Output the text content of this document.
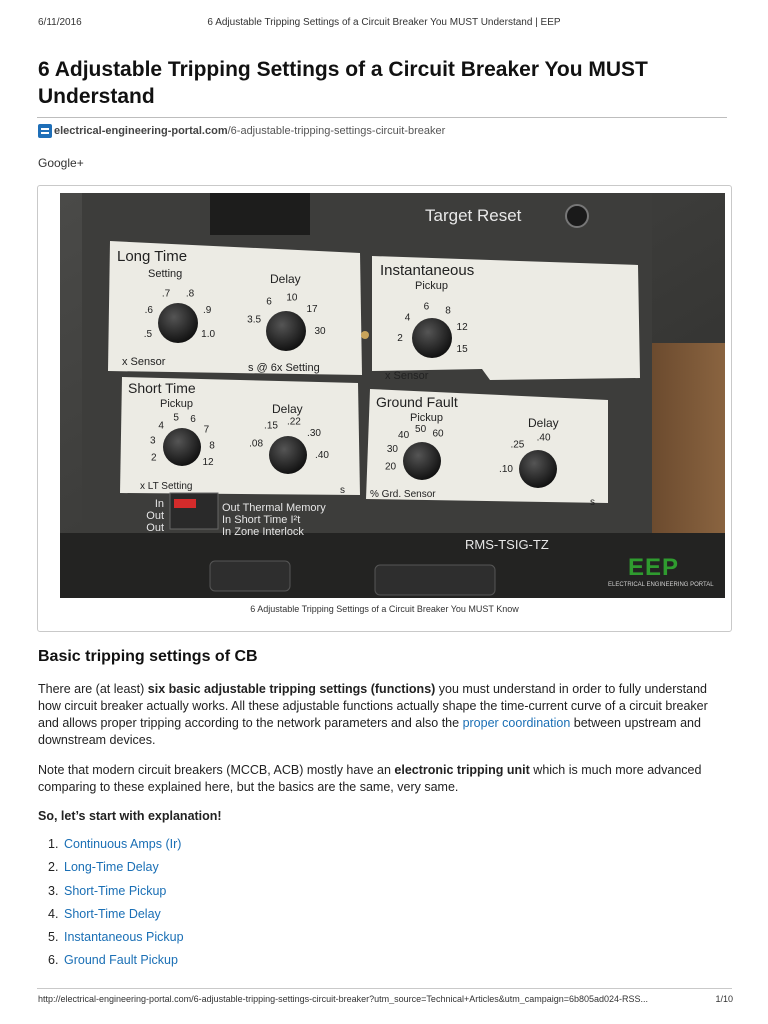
6/11/2016	6 Adjustable Tripping Settings of a Circuit Breaker You MUST Understand | EEP
6 Adjustable Tripping Settings of a Circuit Breaker You MUST Understand
electrical-engineering-portal.com /6-adjustable-tripping-settings-circuit-breaker
Google+
Target Reset
Long Time
Setting	Delay
.5
.6
.7 .8
.9
1.0
3.5
6 10
17
30
x Sensor	s @ 6x Setting
Instantaneous
Pickup
2
4
6 8
12
15
x Sensor
Short Time
Pickup	Delay
2
3
4
5 6
7
8
12
.08
.15 .22
.30
.40
x LT Setting	s
Ground Fault
Pickup	Delay
20
30
40
50 60
.10
.25
.40
% Grd. Sensor
s
In
Out
Out
Out Thermal Memory
In Short Time I²t
In Zone Interlock
RMS-TSIG-TZ
EEP
ELECTRICAL ENGINEERING PORTAL
6 Adjustable Tripping Settings of a Circuit Breaker You MUST Know
Basic tripping settings of CB

There are (at least) six basic adjustable tripping settings (functions) you must understand in order to fully understand how circuit breaker actually works. All these adjustable functions actually shape the time-current curve of a circuit breaker and allows proper tripping according to the network parameters and also the proper coordination between upstream and downstream devices.

Note that modern circuit breakers (MCCB, ACB) mostly have an electronic tripping unit which is much more advanced comparing to these explained here, but the basics are the same, very same.

So, let’s start with explanation!

1. Continuous Amps (Ir)
2. Long-Time Delay
3. Short-Time Pickup
4. Short-Time Delay
5. Instantaneous Pickup
6. Ground Fault Pickup
http://electrical-engineering-portal.com/6-adjustable-tripping-settings-circuit-breaker?utm_source=Technical+Articles&utm_campaign=6b805ad024-RSS...	1/10
